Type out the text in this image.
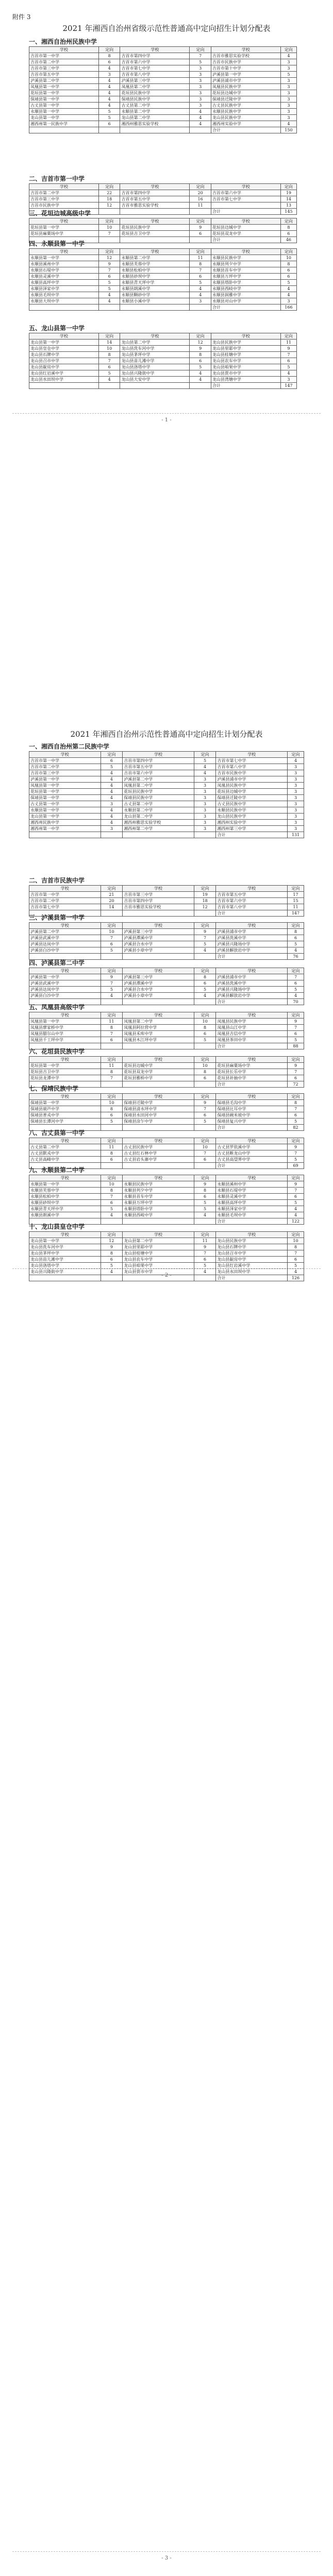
附件 3
2021 年湘西自治州省级示范性普通高中定向招生计划分配表
一、湘西自治州民族中学
学校	定向	学校	定向	学校	定向
吉首市第一中学	8	吉首市第四中学	7	吉首市雅思实验学校	4
吉首市第二中学	6	吉首市第六中学	5	吉首市民族中学	3
吉首市第三中学	4	吉首市第七中学	3	吉首市第十中学	3
吉首市第五中学	3	吉首市第八中学	3	泸溪县第一中学	5
泸溪县第二中学	4	泸溪县第三中学	3	泸溪县浦市中学	3
凤凰县第一中学	4	凤凰县第二中学	3	凤凰县民族中学	3
花垣县第一中学	4	花垣县民族中学	3	花垣县边城中学	3
保靖县第一中学	4	保靖县民族中学	3	保靖县迁陵中学	3
古丈县第一中学	4	古丈县第二中学	3	古丈县民族中学	3
永顺县第一中学	5	永顺县第二中学	4	永顺县民族中学	3
龙山县第一中学	5	龙山县第二中学	4	龙山县民族中学	3
湘西州第一民族中学	6	湘西州雅思实验学校	4	湘西州实验中学	4
				合计	150
二、吉首市第一中学
学校	定向	学校	定向	学校	定向
吉首市第二中学	22	吉首市第四中学	20	吉首市第六中学	19
吉首市第三中学	18	吉首市第五中学	16	吉首市第七中学	14
吉首市民族中学	12	吉首市雅思实验学校	11		13
				合计	145
三、花垣边城高级中学
学校	定向	学校	定向	学校	定向
花垣县第一中学	10	花垣县民族中学	9	花垣县边城中学	8
花垣县麻栗场中学	7	花垣县吉卫中学	6	花垣县双龙中学	6
				合计	46
四、永顺县第一中学
学校	定向	学校	定向	学校	定向
永顺县第一中学	12	永顺县第二中学	11	永顺县民族中学	10
永顺县溪州中学	9	永顺县芙蓉中学	8	永顺县列夕中学	8
永顺县石堤中学	7	永顺县松柏中学	7	永顺县首车中学	6
永顺县灵溪中学	6	永顺县砂坝中学	6	永顺县万坪中学	6
永顺县高坪中学	5	永顺县青天坪中学	5	永顺县塔卧中学	5
永顺县泽家中学	5	永顺县朗溪中学	4	永顺县西岐中学	4
永顺县毛坝中学	4	永顺县颗砂中学	4	永顺县润雅中学	4
永顺县大坝中学	4	永顺县小溪中学	3	永顺县对山中学	3
				合计	166
五、龙山县第一中学
学校	定向	学校	定向	学校	定向
龙山县第一中学	14	龙山县第二中学	12	龙山县民族中学	11
龙山县皇仓中学	10	龙山县洗车河中学	9	龙山县里耶中学	9
龙山县石牌中学	8	龙山县茅坪中学	8	龙山县桂塘中学	7
龙山县召市中学	7	龙山县苗儿滩中学	6	龙山县农车中学	6
龙山县靛房中学	6	龙山县洛塔中学	5	龙山县咱果中学	5
龙山县红岩溪中学	5	龙山县兴隆街中学	4	龙山县贾市中学	4
龙山县水田坝中学	4	龙山县大安中学	4	龙山县湾塘中学	3
				合计	147
一、湘西自治州第二民族中学
学校	定向	学校	定向	学校	定向
吉首市第一中学	6	吉首市第四中学	5	吉首市第七中学	4
吉首市第二中学	5	吉首市第五中学	4	吉首市第八中学	3
吉首市第三中学	4	吉首市第六中学	4	吉首市民族中学	3
泸溪县第一中学	4	泸溪县第二中学	3	泸溪县浦市中学	3
凤凰县第一中学	4	凤凰县第二中学	3	凤凰县民族中学	3
花垣县第一中学	4	花垣县民族中学	3	花垣县边城中学	3
保靖县第一中学	4	保靖县民族中学	3	保靖县迁陵中学	3
古丈县第一中学	3	古丈县第二中学	3	古丈县民族中学	3
永顺县第一中学	4	永顺县第二中学	3	永顺县民族中学	3
龙山县第一中学	4	龙山县第二中学	3	龙山县民族中学	3
湘西州民族中学	4	湘西州雅思实验学校	3	湘西州实验中学	3
湘西州第一中学	3	湘西州第二中学	3	湘西州第三中学	3
				合计	131
二、吉首市民族中学
学校	定向	学校	定向	学校	定向
吉首市第一中学	21	吉首市第三中学	19	吉首市第五中学	17
吉首市第二中学	20	吉首市第四中学	18	吉首市第六中学	15
吉首市第七中学	14	吉首市雅思实验学校	12	吉首市第八中学	11
				合计	147
三、泸溪县第一中学
学校	定向	学校	定向	学校	定向
泸溪县第二中学	10	泸溪县第三中学	9	泸溪县浦市中学	8
泸溪县武溪中学	7	泸溪县潭溪中学	7	泸溪县洗溪中学	6
泸溪县达岚中学	6	泸溪县合水中学	5	泸溪县兴隆场中学	5
泸溪县白沙中学	5	泸溪县小章中学	4	泸溪县解放岩中学	4
				合计	76
四、泸溪县第二中学
学校	定向	学校	定向	学校	定向
泸溪县第一中学	9	泸溪县第三中学	8	泸溪县浦市中学	7
泸溪县武溪中学	7	泸溪县潭溪中学	6	泸溪县洗溪中学	6
泸溪县达岚中学	5	泸溪县合水中学	5	泸溪县兴隆场中学	5
泸溪县白沙中学	4	泸溪县小章中学	4	泸溪县解放岩中学	4
				合计	70
五、凤凰县高级中学
学校	定向	学校	定向	学校	定向
凤凰县第一中学	11	凤凰县第二中学	10	凤凰县民族中学	9
凤凰县廖家桥中学	8	凤凰县阿拉营中学	8	凤凰县山江中学	7
凤凰县腊尔山中学	7	凤凰县禾库中学	6	凤凰县吉信中学	6
凤凰县千工坪中学	6	凤凰县木江坪中学	5	凤凰县茶田中学	5
				合计	88
六、花垣县民族中学
学校	定向	学校	定向	学校	定向
花垣县第一中学	11	花垣县边城中学	10	花垣县麻栗场中学	9
花垣县吉卫中学	8	花垣县双龙中学	8	花垣县长乐中学	7
花垣县龙潭中学	7	花垣县雅桥中学	6	花垣县补抽中学	6
				合计	72
七、保靖民族中学
学校	定向	学校	定向	学校	定向
保靖县第一中学	10	保靖县迁陵中学	9	保靖县毛沟中学	8
保靖县葫芦中学	8	保靖县清水坪中学	7	保靖县比耳中学	7
保靖县普戎中学	6	保靖县水田河中学	6	保靖县碗米坡中学	6
保靖县长潭河中学	5	保靖县涂乍中学	5	保靖县复兴中学	5
				合计	82
八、古丈县第一中学
学校	定向	学校	定向	学校	定向
古丈县第二中学	11	古丈县民族中学	10	古丈县罗依溪中学	9
古丈县默戎中学	8	古丈县红石林中学	7	古丈县断龙山中学	7
古丈县高峰中学	6	古丈县岩头寨中学	6	古丈县高望界中学	5
				合计	69
九、永顺县第二中学
学校	定向	学校	定向	学校	定向
永顺县第一中学	10	永顺县民族中学	9	永顺县溪州中学	9
永顺县芙蓉中学	8	永顺县列夕中学	8	永顺县石堤中学	7
永顺县松柏中学	7	永顺县首车中学	6	永顺县灵溪中学	6
永顺县砂坝中学	6	永顺县万坪中学	5	永顺县高坪中学	5
永顺县青天坪中学	5	永顺县塔卧中学	5	永顺县泽家中学	4
永顺县朗溪中学	4	永顺县西岐中学	4	永顺县毛坝中学	4
				合计	122
十、龙山县皇仓中学
学校	定向	学校	定向	学校	定向
龙山县第一中学	12	龙山县第二中学	11	龙山县民族中学	10
龙山县洗车河中学	9	龙山县里耶中学	9	龙山县石牌中学	8
龙山县茅坪中学	8	龙山县桂塘中学	7	龙山县召市中学	7
龙山县苗儿滩中学	6	龙山县农车中学	6	龙山县靛房中学	6
龙山县洛塔中学	5	龙山县咱果中学	5	龙山县红岩溪中学	5
龙山县兴隆街中学	4	龙山县贾市中学	4	龙山县水田坝中学	4
				合计	126
2021 年湘西自治州示范性普通高中定向招生计划分配表
- 1 -
- 2 -
- 3 -
